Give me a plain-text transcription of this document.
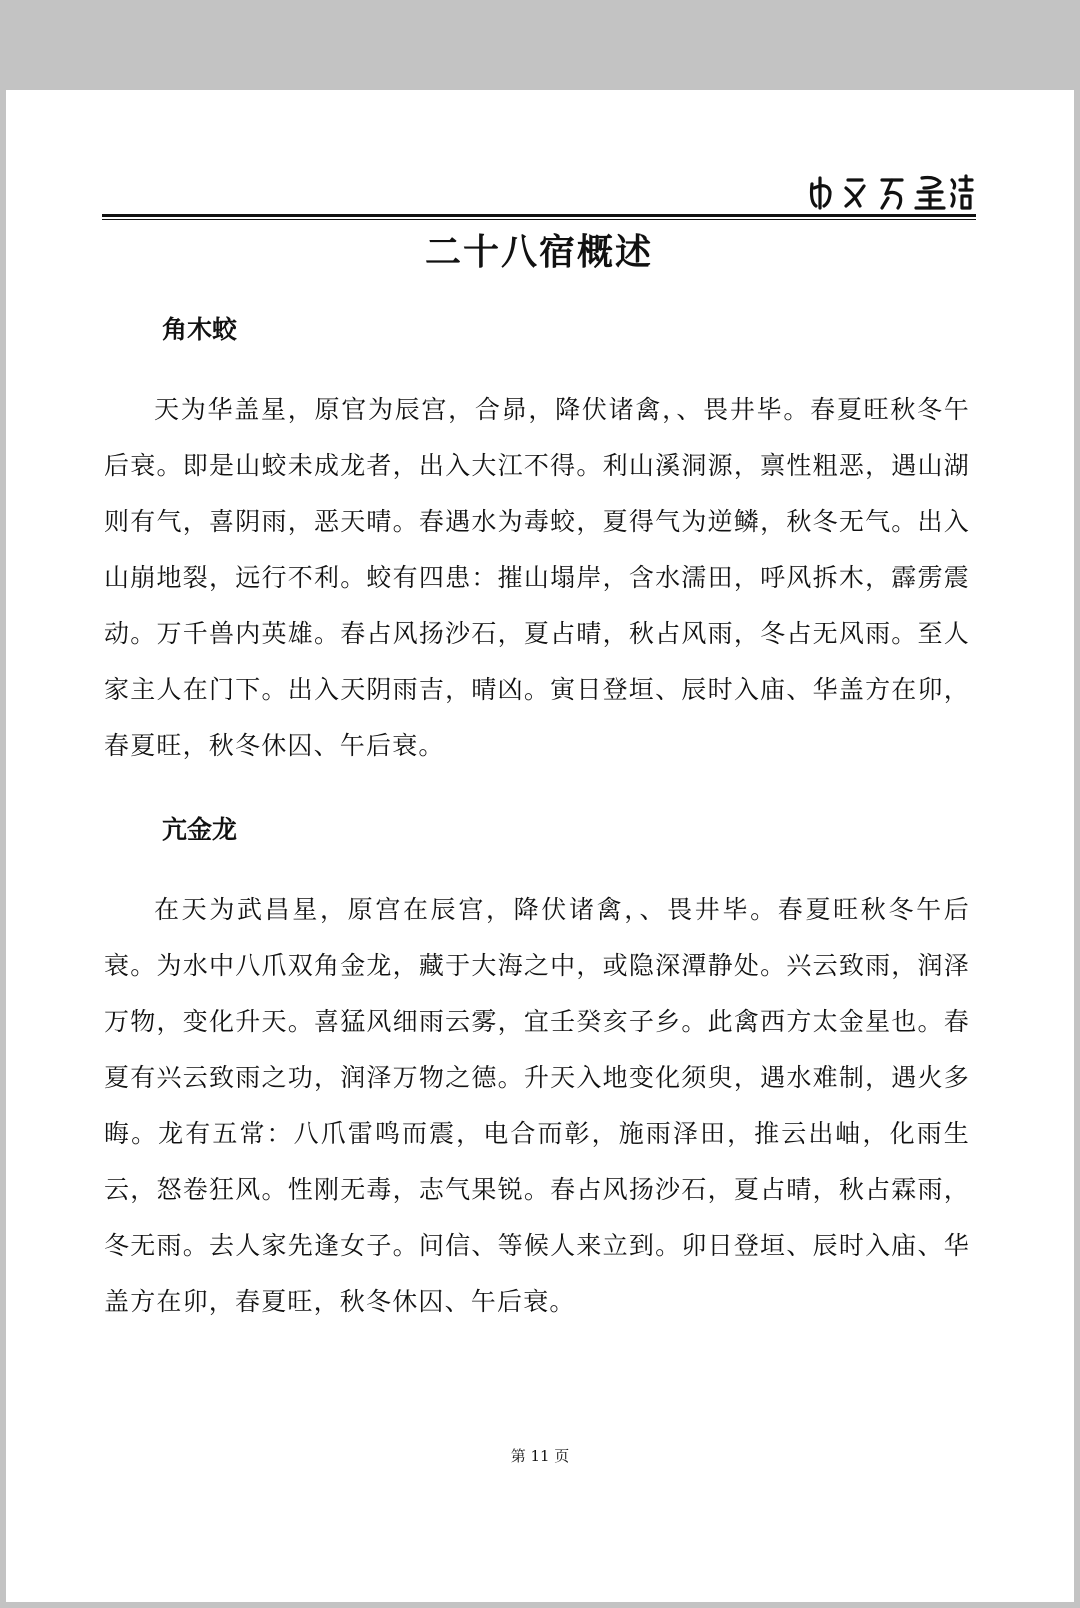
二十八宿概述
角木蛟

天为华盖星，原官为辰宫，合昴，降伏诸禽，、畏井毕。春夏旺秋冬午后衰。即是山蛟未成龙者，出入大江不得。利山溪洞源，禀性粗恶，遇山湖则有气，喜阴雨，恶天晴。春遇水为毒蛟，夏得气为逆鳞，秋冬无气。出入山崩地裂，远行不利。蛟有四患：摧山塌岸，含水濡田，呼风拆木，霹雳震动。万千兽内英雄。春占风扬沙石，夏占晴，秋占风雨，冬占无风雨。至人家主人在门下。出入天阴雨吉，晴凶。寅日登垣、辰时入庙、华盖方在卯，春夏旺，秋冬休囚、午后衰。

亢金龙

在天为武昌星，原宫在辰宫，降伏诸禽，、畏井毕。春夏旺秋冬午后衰。为水中八爪双角金龙，藏于大海之中，或隐深潭静处。兴云致雨，润泽万物，变化升天。喜猛风细雨云雾，宜壬癸亥子乡。此禽西方太金星也。春夏有兴云致雨之功，润泽万物之德。升天入地变化须臾，遇水难制，遇火多晦。龙有五常：八爪雷鸣而震，电合而彰，施雨泽田，推云出岫，化雨生云，怒卷狂风。性刚无毒，志气果锐。春占风扬沙石，夏占晴，秋占霖雨，冬无雨。去人家先逢女子。问信、等候人来立到。卯日登垣、辰时入庙、华盖方在卯，春夏旺，秋冬休囚、午后衰。

第 11 页
